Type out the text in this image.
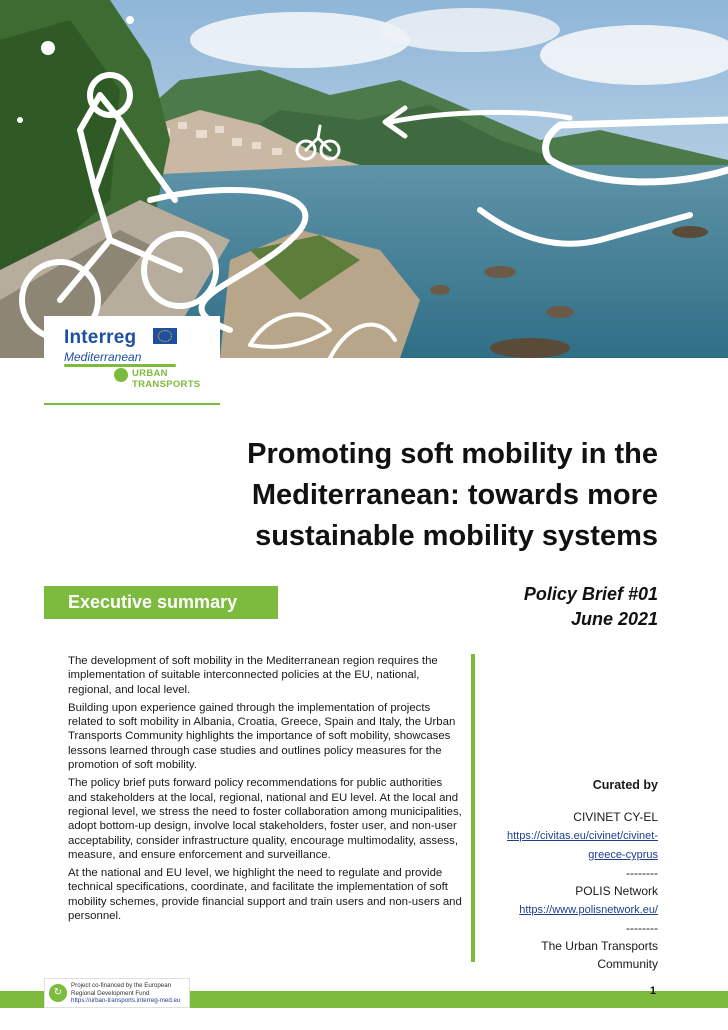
Interreg
Mediterranean
URBAN
TRANSPORTS
Promoting soft mobility in the
Mediterranean: towards more
sustainable mobility systems
Executive summary	Policy Brief #01
June 2021

The development of soft mobility in the Mediterranean region requires the implementation of suitable interconnected policies at the EU, national, regional, and local level.

Building upon experience gained through the implementation of projects related to soft mobility in Albania, Croatia, Greece, Spain and Italy, the Urban Transports Community highlights the importance of soft mobility, showcases lessons learned through case studies and outlines policy measures for the promotion of soft mobility.

The policy brief puts forward policy recommendations for public authorities and stakeholders at the local, regional, national and EU level. At the local and regional level, we stress the need to foster collaboration among municipalities, adopt bottom-up design, involve local stakeholders, foster user, and non-user acceptability, consider infrastructure quality, encourage multimodality, assess, measure, and ensure enforcement and surveillance.

At the national and EU level, we highlight the need to regulate and provide technical specifications, coordinate, and facilitate the implementation of soft mobility schemes, provide financial support and train users and non-users and personnel.

Curated by
CIVINET CY-EL
https://civitas.eu/civinet/civinet-
greece-cyprus
--------
POLIS Network
https://www.polisnetwork.eu/
--------
The Urban Transports
Community
↻
Project co-financed by the European
Regional Development Fund
https://urban-transports.interreg-med.eu
1
